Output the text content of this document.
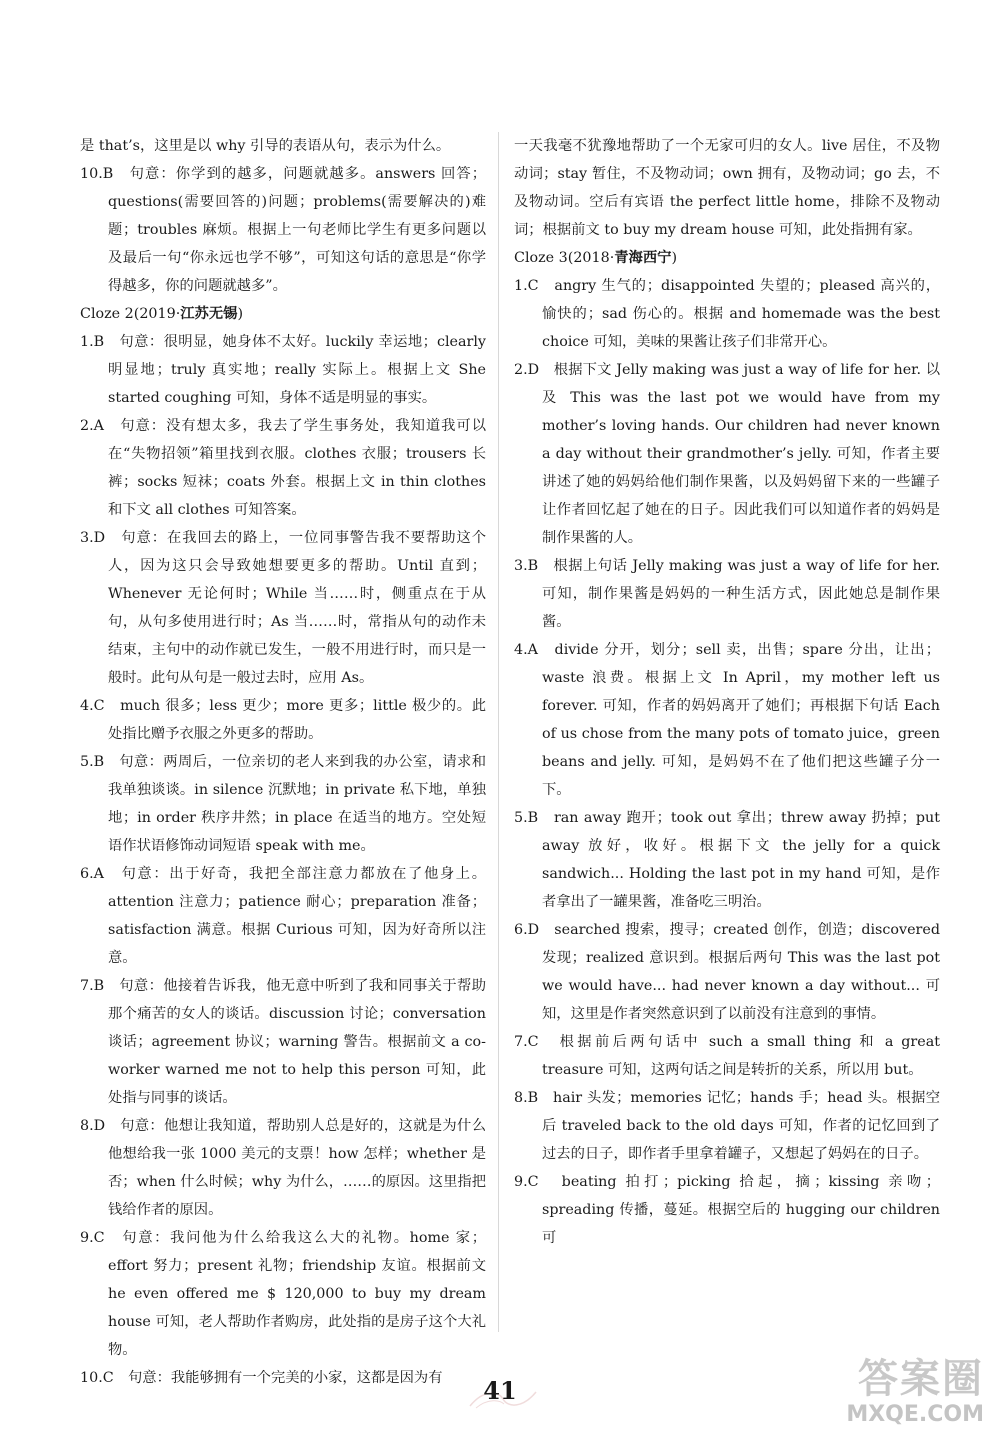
是 that’s，这里是以 why 引导的表语从句，表示为什么。

10.B　句意：你学到的越多，问题就越多。answers 回答；questions(需要回答的)问题；problems(需要解决的)难题；troubles 麻烦。根据上一句老师比学生有更多问题以及最后一句“你永远也学不够”，可知这句话的意思是“你学得越多，你的问题就越多”。

Cloze 2(2019·江苏无锡)

1.B　句意：很明显，她身体不太好。luckily 幸运地；clearly 明显地；truly 真实地；really 实际上。根据上文 She started coughing 可知，身体不适是明显的事实。

2.A　句意：没有想太多，我去了学生事务处，我知道我可以在“失物招领”箱里找到衣服。clothes 衣服；trousers 长裤；socks 短袜；coats 外套。根据上文 in thin clothes 和下文 all clothes 可知答案。

3.D　句意：在我回去的路上，一位同事警告我不要帮助这个人，因为这只会导致她想要更多的帮助。Until 直到；Whenever 无论何时；While 当……时，侧重点在于从句，从句多使用进行时；As 当……时，常指从句的动作未结束，主句中的动作就已发生，一般不用进行时，而只是一般时。此句从句是一般过去时，应用 As。

4.C　much 很多；less 更少；more 更多；little 极少的。此处指比赠予衣服之外更多的帮助。

5.B　句意：两周后，一位亲切的老人来到我的办公室，请求和我单独谈谈。in silence 沉默地；in private 私下地，单独地；in order 秩序井然；in place 在适当的地方。空处短语作状语修饰动词短语 speak with me。

6.A　句意：出于好奇，我把全部注意力都放在了他身上。attention 注意力；patience 耐心；preparation 准备；satisfaction 满意。根据 Curious 可知，因为好奇所以注意。

7.B　句意：他接着告诉我，他无意中听到了我和同事关于帮助那个痛苦的女人的谈话。discussion 讨论；conversation 谈话；agreement 协议；warning 警告。根据前文 a co-worker warned me not to help this person 可知，此处指与同事的谈话。

8.D　句意：他想让我知道，帮助别人总是好的，这就是为什么他想给我一张 1000 美元的支票！how 怎样；whether 是否；when 什么时候；why 为什么，……的原因。这里指把钱给作者的原因。

9.C　句意：我问他为什么给我这么大的礼物。home 家；effort 努力；present 礼物；friendship 友谊。根据前文 he even offered me $ 120,000 to buy my dream house 可知，老人帮助作者购房，此处指的是房子这个大礼物。

10.C　句意：我能够拥有一个完美的小家，这都是因为有

一天我毫不犹豫地帮助了一个无家可归的女人。live 居住，不及物动词；stay 暂住，不及物动词；own 拥有，及物动词；go 去，不及物动词。空后有宾语 the perfect little home，排除不及物动词；根据前文 to buy my dream house 可知，此处指拥有家。

Cloze 3(2018·青海西宁)

1.C　angry 生气的；disappointed 失望的；pleased 高兴的，愉快的；sad 伤心的。根据 and homemade was the best choice 可知，美味的果酱让孩子们非常开心。

2.D　根据下文 Jelly making was just a way of life for her. 以及 This was the last pot we would have from my mother’s loving hands. Our children had never known a day without their grandmother’s jelly. 可知，作者主要讲述了她的妈妈给他们制作果酱，以及妈妈留下来的一些罐子让作者回忆起了她在的日子。因此我们可以知道作者的妈妈是制作果酱的人。

3.B　根据上句话 Jelly making was just a way of life for her. 可知，制作果酱是妈妈的一种生活方式，因此她总是制作果酱。

4.A　divide 分开，划分；sell 卖，出售；spare 分出，让出；waste 浪费。根据上文 In April，my mother left us forever. 可知，作者的妈妈离开了她们；再根据下句话 Each of us chose from the many pots of tomato juice，green beans and jelly. 可知，是妈妈不在了他们把这些罐子分一下。

5.B　ran away 跑开；took out 拿出；threw away 扔掉；put away 放好，收好。根据下文 the jelly for a quick sandwich... Holding the last pot in my hand 可知，是作者拿出了一罐果酱，准备吃三明治。

6.D　searched 搜索，搜寻；created 创作，创造；discovered 发现；realized 意识到。根据后两句 This was the last pot we would have... had never known a day without... 可知，这里是作者突然意识到了以前没有注意到的事情。

7.C　根据前后两句话中 such a small thing 和 a great treasure 可知，这两句话之间是转折的关系，所以用 but。

8.B　hair 头发；memories 记忆；hands 手；head 头。根据空后 traveled back to the old days 可知，作者的记忆回到了过去的日子，即作者手里拿着罐子，又想起了妈妈在的日子。

9.C　beating 拍打；picking 拾起，摘；kissing 亲吻；spreading 传播，蔓延。根据空后的 hugging our children 可

41	答案圈
MXQE.COM
